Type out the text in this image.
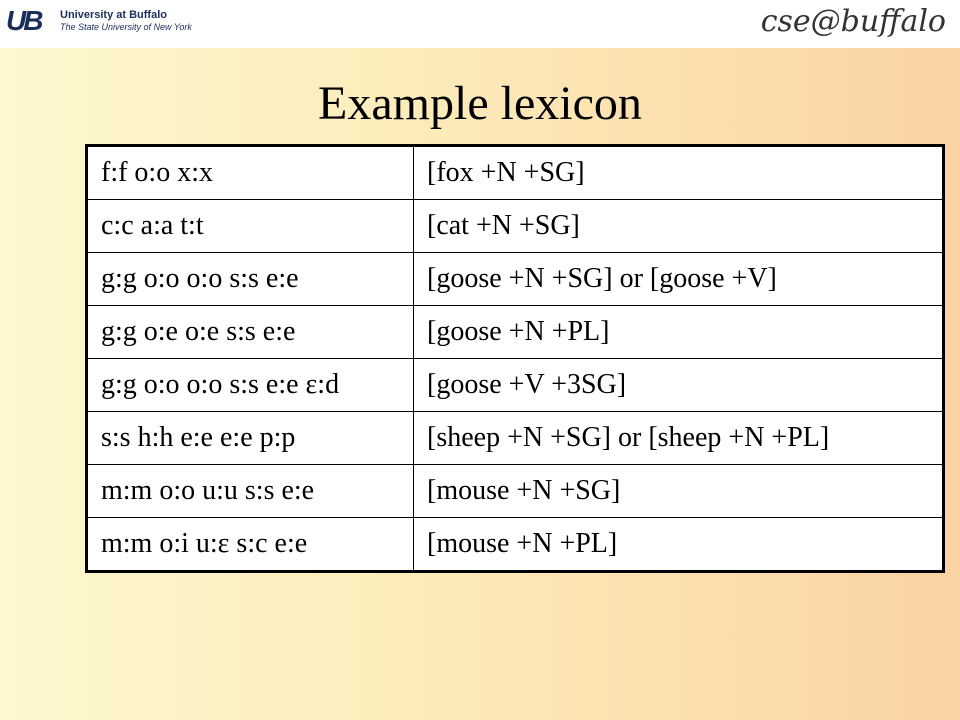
UB	University at Buffalo
The State University of New York	cse@buffalo
Example lexicon
f:f o:o x:x	[fox +N +SG]
c:c a:a t:t	[cat +N +SG]
g:g o:o o:o s:s e:e	[goose +N +SG] or [goose +V]
g:g o:e o:e s:s e:e	[goose +N +PL]
g:g o:o o:o s:s e:e ε:d	[goose +V +3SG]
s:s h:h e:e e:e p:p	[sheep +N +SG] or [sheep +N +PL]
m:m o:o u:u s:s e:e	[mouse +N +SG]
m:m o:i u:ε s:c e:e	[mouse +N +PL]
